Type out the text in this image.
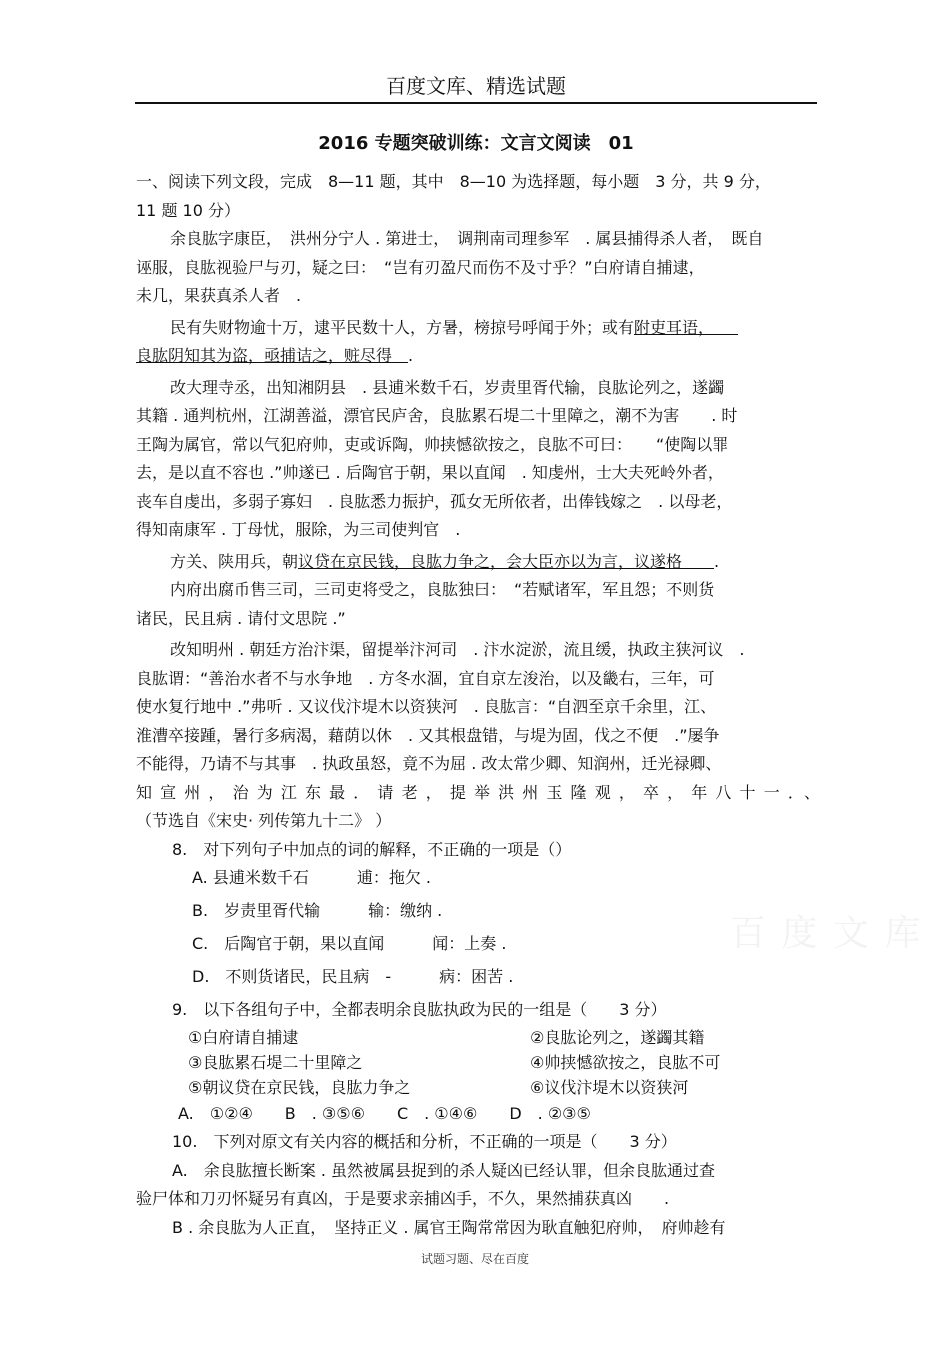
百度文库、精选试题
2016 专题突破训练：文言文阅读　01
一、阅读下列文段，完成　8—11 题，其中　8—10 为选择题，每小题　3 分，共 9 分，
11 题 10 分）
余良肱字康臣，　洪州分宁人 . 第进士，　调荆南司理参军　. 属县捕得杀人者，　既自
诬服，良肱视验尸与刃，疑之曰：　“岂有刃盈尺而伤不及寸乎？”白府请自捕逮，
未几，果获真杀人者　.
民有失财物逾十万，逮平民数十人，方暑，榜掠号呼闻于外；或有附吏耳语，　　
良肱阴知其为盗，亟捕诘之，赃尽得　.
改大理寺丞，出知湘阴县　. 县逋米数千石，岁责里胥代输，良肱论列之，遂蠲
其籍 . 通判杭州，江湖善溢，漂官民庐舍，良肱累石堤二十里障之，潮不为害　　. 时
王陶为属官，常以气犯府帅，吏或诉陶，帅挟憾欲按之，良肱不可曰：　　“使陶以罪
去，是以直不容也 .”帅遂已 . 后陶官于朝，果以直闻　. 知虔州，士大夫死岭外者，
丧车自虔出，多弱子寡妇　. 良肱悉力振护，孤女无所依者，出俸钱嫁之　. 以母老，
得知南康军 . 丁母忧，服除，为三司使判官　.
方关、陕用兵，朝议贷在京民钱，良肱力争之，会大臣亦以为言，议遂格　　.
内府出腐币售三司，三司吏将受之，良肱独曰：　“若赋诸军，军且怨；不则货
诸民，民且病 . 请付文思院 .”
改知明州 . 朝廷方治汴渠，留提举汴河司　. 汴水淀淤，流且缓，执政主狭河议　.
良肱谓：“善治水者不与水争地　. 方冬水涸，宜自京左浚治，以及畿右，三年，可
使水复行地中 .”弗听 . 又议伐汴堤木以资狭河　. 良肱言：“自泗至京千余里，江、
淮漕卒接踵，暑行多病渴，藉荫以休　. 又其根盘错，与堤为固，伐之不便　.”屡争
不能得，乃请不与其事　. 执政虽怒，竟不为屈 . 改太常少卿、知润州，迁光禄卿、
知宣州，治为江东最．请老，提举洪州玉隆观，卒，年八十一．、
（节选自《宋史· 列传第九十二》 ）
8.　对下列句子中加点的词的解释，不正确的一项是（）
A. 县逋米数千石　　　逋：拖欠 .
B.　岁责里胥代输　　　输：缴纳 .
C.　后陶官于朝，果以直闻　　　闻：上奏 .
D.　不则货诸民，民且病　-　　　病：困苦 .
9.　以下各组句子中，全都表明余良肱执政为民的一组是（　　3 分）
①白府请自捕逮	②良肱论列之，遂蠲其籍
③良肱累石堤二十里障之	④帅挟憾欲按之，良肱不可
⑤朝议贷在京民钱，良肱力争之	⑥议伐汴堤木以资狭河
A.　①②④　　B　. ③⑤⑥　　C　. ①④⑥　　D　. ②③⑤
10.　下列对原文有关内容的概括和分析，不正确的一项是（　　3 分）
A.　余良肱擅长断案 . 虽然被属县捉到的杀人疑凶已经认罪，但余良肱通过查
验尸体和刀刃怀疑另有真凶，于是要求亲捕凶手，不久，果然捕获真凶　　.
B . 余良肱为人正直，　坚持正义 . 属官王陶常常因为耿直触犯府帅，　府帅趁有
百 度 文 库
试题习题、尽在百度
